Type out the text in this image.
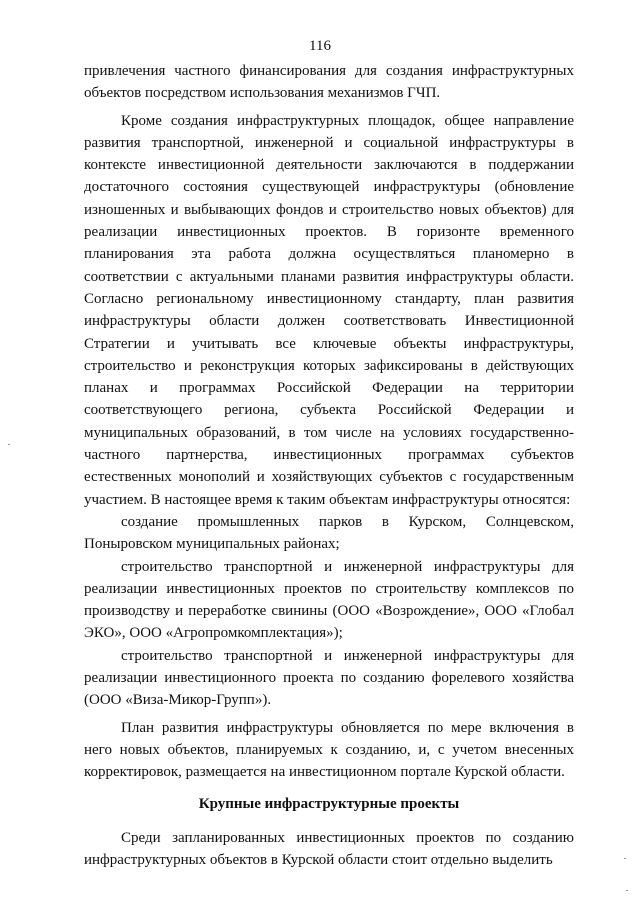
116

привлечения частного финансирования для создания инфраструктурных объектов посредством использования механизмов ГЧП.

Кроме создания инфраструктурных площадок, общее направление развития транспортной, инженерной и социальной инфраструктуры в контексте инвестиционной деятельности заключаются в поддержании достаточного состояния существующей инфраструктуры (обновление изношенных и выбывающих фондов и строительство новых объектов) для реализации инвестиционных проектов. В горизонте временного планирования эта работа должна осуществляться планомерно в соответствии с актуальными планами развития инфраструктуры области. Согласно региональному инвестиционному стандарту, план развития инфраструктуры области должен соответствовать Инвестиционной Стратегии и учитывать все ключевые объекты инфраструктуры, строительство и реконструкция которых зафиксированы в действующих планах и программах Российской Федерации на территории соответствующего региона, субъекта Российской Федерации и муниципальных образований, в том числе на условиях государственно-частного партнерства, инвестиционных программах субъектов естественных монополий и хозяйствующих субъектов с государственным участием. В настоящее время к таким объектам инфраструктуры относятся:

создание промышленных парков в Курском, Солнцевском, Поныровском муниципальных районах;

строительство транспортной и инженерной инфраструктуры для реализации инвестиционных проектов по строительству комплексов по производству и переработке свинины (ООО «Возрождение», ООО «Глобал ЭКО», ООО «Агропромкомплектация»);

строительство транспортной и инженерной инфраструктуры для реализации инвестиционного проекта по созданию форелевого хозяйства (ООО «Виза-Микор-Групп»).

План развития инфраструктуры обновляется по мере включения в него новых объектов, планируемых к созданию, и, с учетом внесенных корректировок, размещается на инвестиционном портале Курской области.

Крупные инфраструктурные проекты

Среди запланированных инвестиционных проектов по созданию инфраструктурных объектов в Курской области стоит отдельно выделить
